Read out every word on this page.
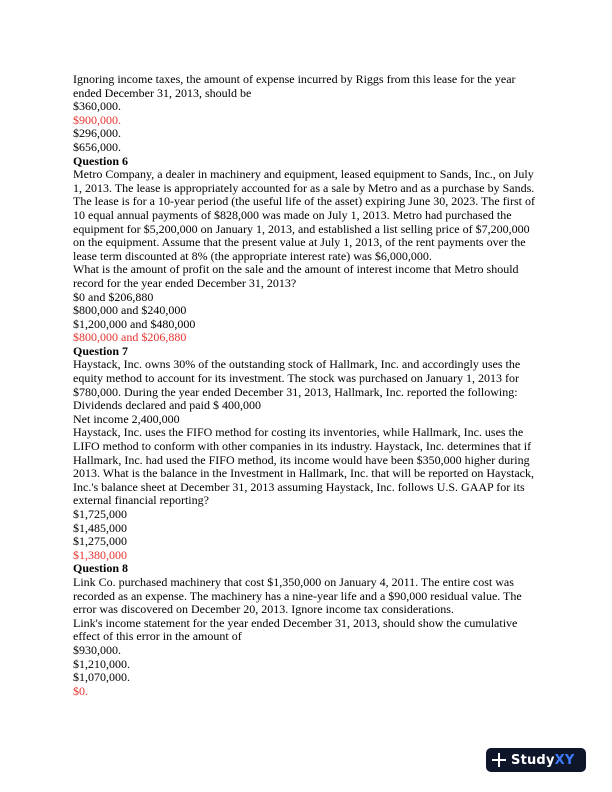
Ignoring income taxes, the amount of expense incurred by Riggs from this lease for the year
ended December 31, 2013, should be
$360,000.
$900,000.
$296,000.
$656,000.
Question 6
Metro Company, a dealer in machinery and equipment, leased equipment to Sands, Inc., on July
1, 2013. The lease is appropriately accounted for as a sale by Metro and as a purchase by Sands.
The lease is for a 10-year period (the useful life of the asset) expiring June 30, 2023. The first of
10 equal annual payments of $828,000 was made on July 1, 2013. Metro had purchased the
equipment for $5,200,000 on January 1, 2013, and established a list selling price of $7,200,000
on the equipment. Assume that the present value at July 1, 2013, of the rent payments over the
lease term discounted at 8% (the appropriate interest rate) was $6,000,000.
What is the amount of profit on the sale and the amount of interest income that Metro should
record for the year ended December 31, 2013?
$0 and $206,880
$800,000 and $240,000
$1,200,000 and $480,000
$800,000 and $206,880
Question 7
Haystack, Inc. owns 30% of the outstanding stock of Hallmark, Inc. and accordingly uses the
equity method to account for its investment. The stock was purchased on January 1, 2013 for
$780,000. During the year ended December 31, 2013, Hallmark, Inc. reported the following:
Dividends declared and paid $ 400,000
Net income 2,400,000
Haystack, Inc. uses the FIFO method for costing its inventories, while Hallmark, Inc. uses the
LIFO method to conform with other companies in its industry. Haystack, Inc. determines that if
Hallmark, Inc. had used the FIFO method, its income would have been $350,000 higher during
2013. What is the balance in the Investment in Hallmark, Inc. that will be reported on Haystack,
Inc.'s balance sheet at December 31, 2013 assuming Haystack, Inc. follows U.S. GAAP for its
external financial reporting?
$1,725,000
$1,485,000
$1,275,000
$1,380,000
Question 8
Link Co. purchased machinery that cost $1,350,000 on January 4, 2011. The entire cost was
recorded as an expense. The machinery has a nine-year life and a $90,000 residual value. The
error was discovered on December 20, 2013. Ignore income tax considerations.
Link's income statement for the year ended December 31, 2013, should show the cumulative
effect of this error in the amount of
$930,000.
$1,210,000.
$1,070,000.
$0.
StudyXY
